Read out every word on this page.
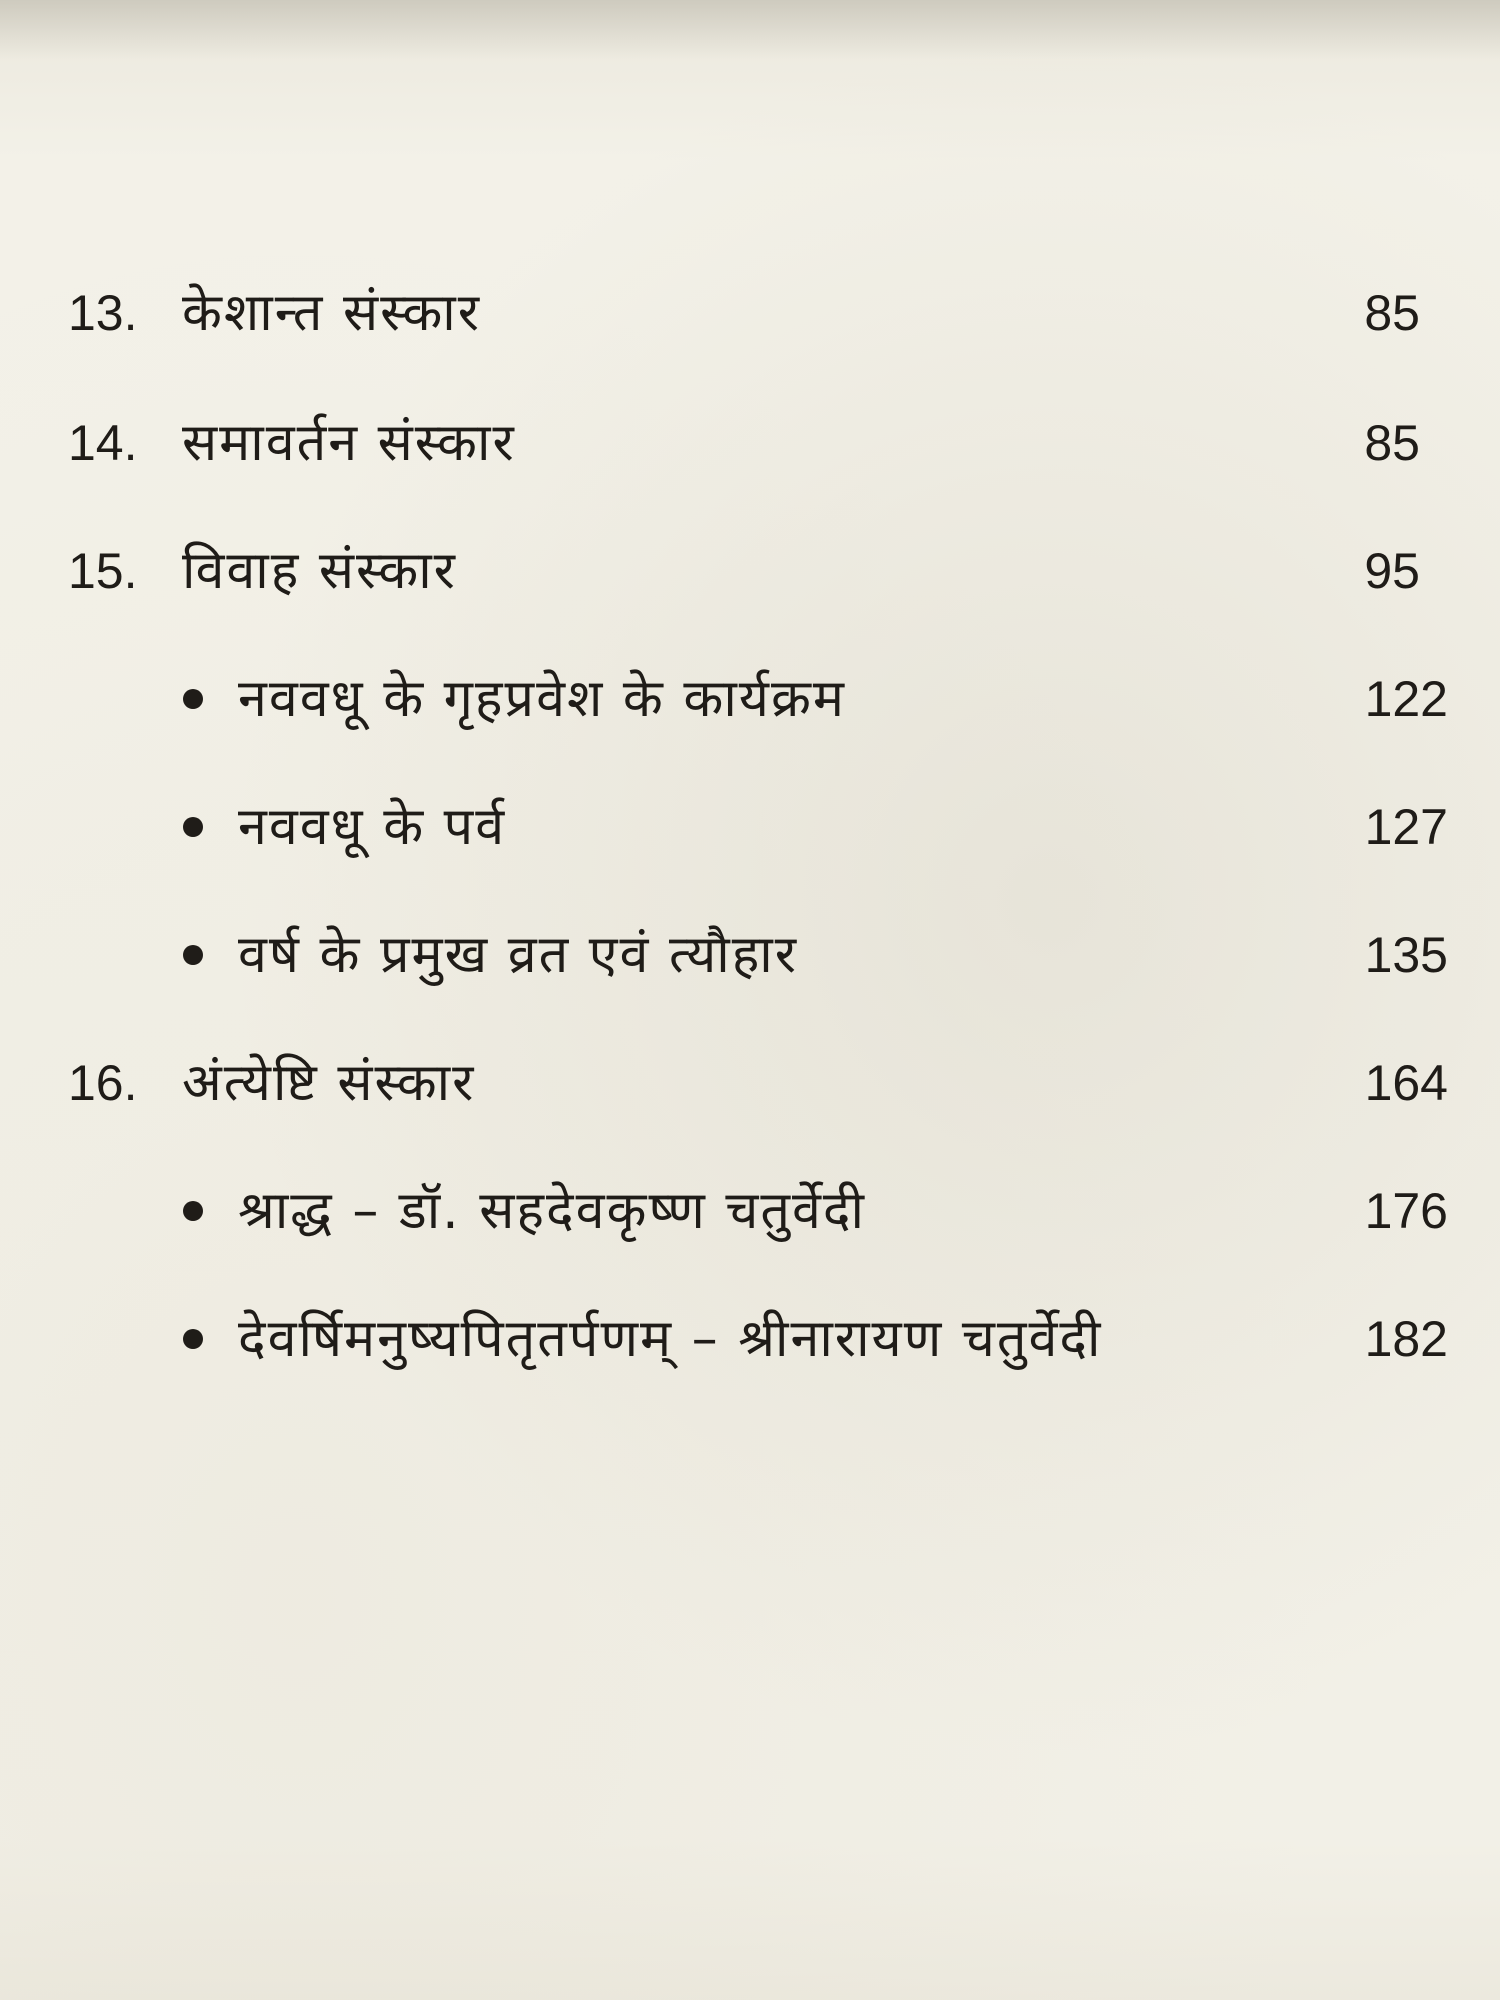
13. केशान्त संस्कार	85
14. समावर्तन संस्कार	85
15. विवाह संस्कार	95
नववधू के गृहप्रवेश के कार्यक्रम	122
नववधू के पर्व	127
वर्ष के प्रमुख व्रत एवं त्यौहार	135
16. अंत्येष्टि संस्कार	164
श्राद्ध – डॉ. सहदेवकृष्ण चतुर्वेदी	176
देवर्षिमनुष्यपितृतर्पणम् – श्रीनारायण चतुर्वेदी	182
